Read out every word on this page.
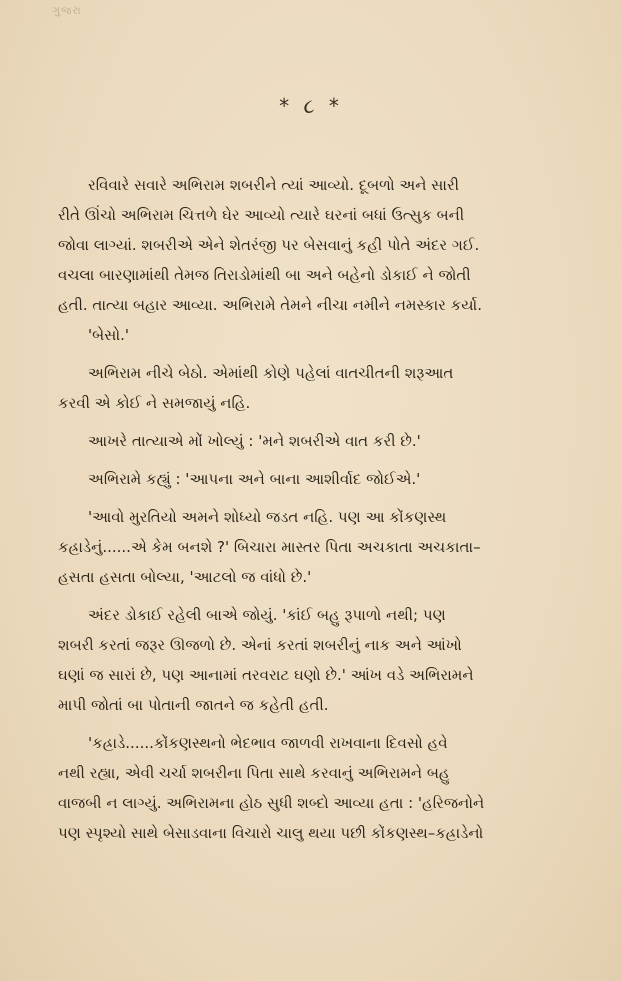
ગુજરા
* ૮ *
રવિવારે સવારે અભિરામ શબરીને ત્યાં આવ્યો. દૂબળો અને સારી
રીતે ઊંચો અભિરામ ચિત્તળે ઘેર આવ્યો ત્યારે ઘરનાં બધાં ઉત્સુક બની
જોવા લાગ્યાં. શબરીએ એને શેતરંજી પર બેસવાનું કહી પોતે અંદર ગઈ.
વચલા બારણામાંથી તેમજ તિરાડોમાંથી બા અને બહેનો ડોકાઈ ને જોતી
હતી. તાત્યા બહાર આવ્યા. અભિરામે તેમને નીચા નમીને નમસ્કાર કર્યા.
'બેસો.'
અભિરામ નીચે બેઠો. એમાંથી કોણે પહેલાં વાતચીતની શરૂઆત
કરવી એ કોઈ ને સમજાયું નહિ.
આખરે તાત્યાએ મોં ખોલ્યું : 'મને શબરીએ વાત કરી છે.'
અભિરામે કહ્યું : 'આપના અને બાના આશીર્વાદ જોઈએ.'
'આવો મુરતિયો અમને શોધ્યો જડત નહિ. પણ આ કોંકણસ્થ
કહ્રાડેનું......એ કેમ બનશે ?' બિચારા માસ્તર પિતા અચકાતા અચકાતા–
હસતા હસતા બોલ્યા, 'આટલો જ વાંધો છે.'
અંદર ડોકાઈ રહેલી બાએ જોયું. 'કાંઈ બહુ રૂપાળો નથી; પણ
શબરી કરતાં જરૂર ઊજળો છે. એનાં કરતાં શબરીનું નાક અને આંખો
ઘણાં જ સારાં છે, પણ આનામાં તરવરાટ ઘણો છે.' આંખ વડે અભિરામને
માપી જોતાં બા પોતાની જાતને જ કહેતી હતી.
'કહ્રાડે......કોંકણસ્થનો ભેદભાવ જાળવી રાખવાના દિવસો હવે
નથી રહ્યા, એવી ચર્ચા શબરીના પિતા સાથે કરવાનું અભિરામને બહુ
વાજબી ન લાગ્યું. અભિરામના હોઠ સુધી શબ્દો આવ્યા હતા : 'હરિજનોને
પણ સ્પૃશ્યો સાથે બેસાડવાના વિચારો ચાલુ થયા પછી કોંકણસ્થ–કહ્રાડેનો
